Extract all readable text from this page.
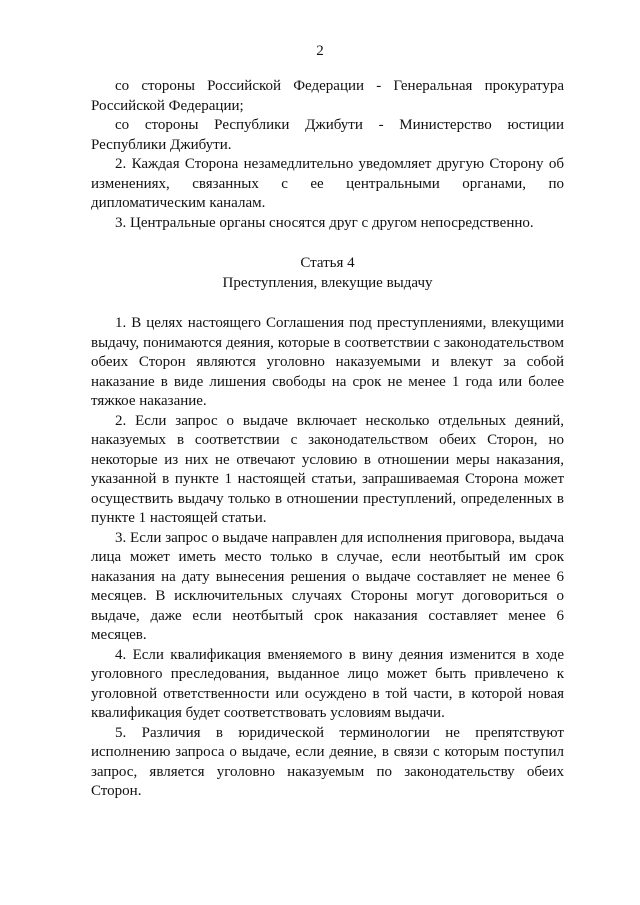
2

со стороны Российской Федерации - Генеральная прокуратура Российской Федерации;

со стороны Республики Джибути - Министерство юстиции Республики Джибути.

2. Каждая Сторона незамедлительно уведомляет другую Сторону об изменениях, связанных с ее центральными органами, по дипломатическим каналам.

3. Центральные органы сносятся друг с другом непосредственно.

Статья 4
Преступления, влекущие выдачу

1. В целях настоящего Соглашения под преступлениями, влекущими выдачу, понимаются деяния, которые в соответствии с законодательством обеих Сторон являются уголовно наказуемыми и влекут за собой наказание в виде лишения свободы на срок не менее 1 года или более тяжкое наказание.

2. Если запрос о выдаче включает несколько отдельных деяний, наказуемых в соответствии с законодательством обеих Сторон, но некоторые из них не отвечают условию в отношении меры наказания, указанной в пункте 1 настоящей статьи, запрашиваемая Сторона может осуществить выдачу только в отношении преступлений, определенных в пункте 1 настоящей статьи.

3. Если запрос о выдаче направлен для исполнения приговора, выдача лица может иметь место только в случае, если неотбытый им срок наказания на дату вынесения решения о выдаче составляет не менее 6 месяцев. В исключительных случаях Стороны могут договориться о выдаче, даже если неотбытый срок наказания составляет менее 6 месяцев.

4. Если квалификация вменяемого в вину деяния изменится в ходе уголовного преследования, выданное лицо может быть привлечено к уголовной ответственности или осуждено в той части, в которой новая квалификация будет соответствовать условиям выдачи.

5. Различия в юридической терминологии не препятствуют исполнению запроса о выдаче, если деяние, в связи с которым поступил запрос, является уголовно наказуемым по законодательству обеих Сторон.
